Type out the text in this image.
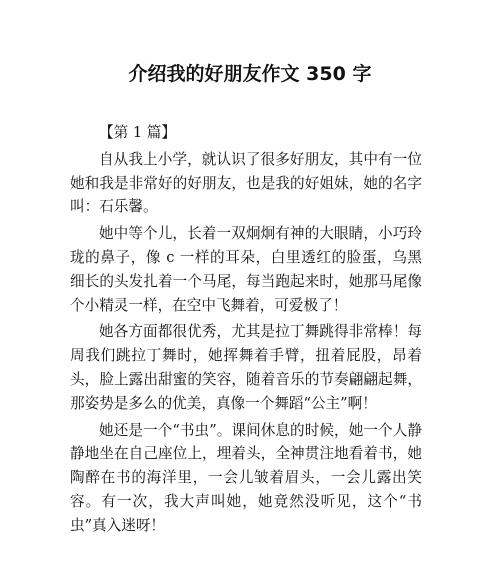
介绍我的好朋友作文 350 字

【第 1 篇】

自从我上小学，就认识了很多好朋友，其中有一位她和我是非常好的好朋友，也是我的好姐妹，她的名字叫：石乐馨。

她中等个儿，长着一双炯炯有神的大眼睛，小巧玲珑的鼻子，像 c 一样的耳朵，白里透红的脸蛋，乌黑细长的头发扎着一个马尾，每当跑起来时，她那马尾像个小精灵一样，在空中飞舞着，可爱极了！

她各方面都很优秀，尤其是拉丁舞跳得非常棒！每周我们跳拉丁舞时，她挥舞着手臂，扭着屁股，昂着头，脸上露出甜蜜的笑容，随着音乐的节奏翩翩起舞，那姿势是多么的优美，真像一个舞蹈“公主”啊！

她还是一个“书虫”。课间休息的时候，她一个人静静地坐在自己座位上，埋着头，全神贯注地看着书，她陶醉在书的海洋里，一会儿皱着眉头，一会儿露出笑容。有一次，我大声叫她，她竟然没听见，这个“书虫”真入迷呀！
